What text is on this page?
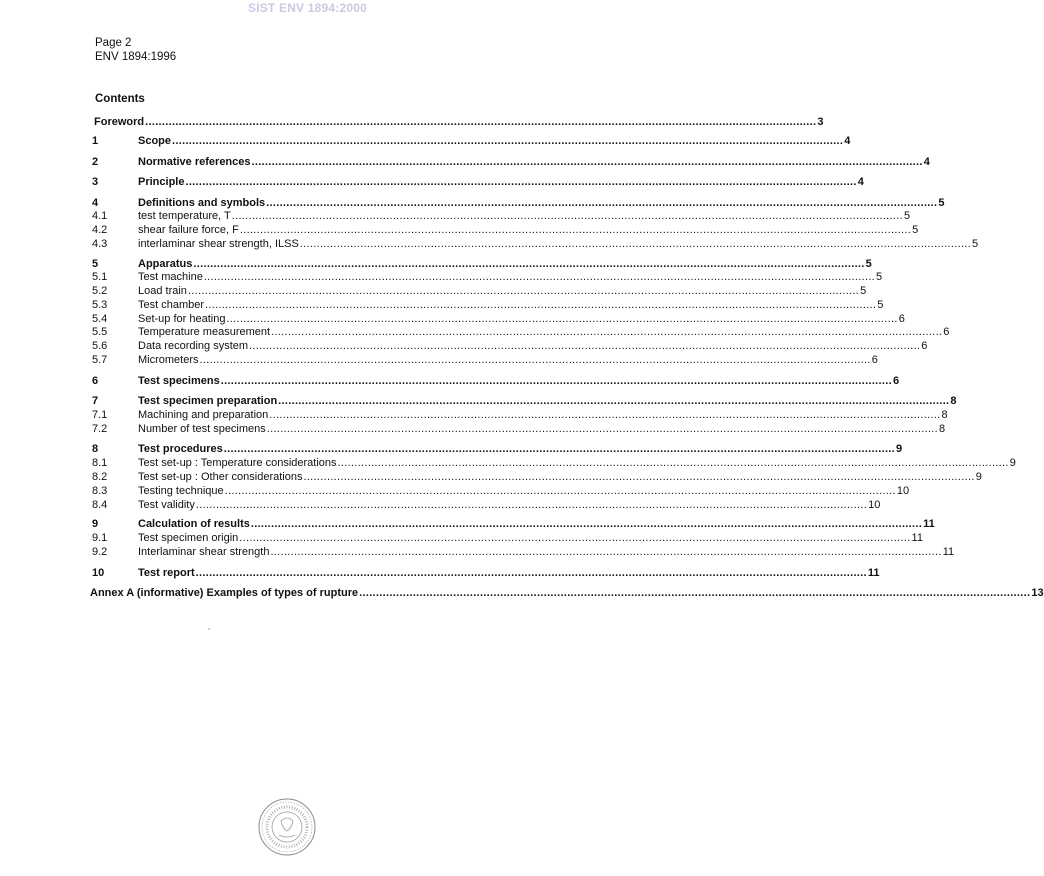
SIST ENV 1894:2000
Page 2
ENV 1894:1996
Contents
Foreword ........................................................................................................................................................................................................ 3
1	Scope ........................................................................................................................................................................................................ 4
2	Normative references ........................................................................................................................................................................................................ 4
3	Principle ........................................................................................................................................................................................................ 4
4	Definitions and symbols ........................................................................................................................................................................................................ 5
4.1	test temperature, T ........................................................................................................................................................................................................ 5
4.2	shear failure force, F ........................................................................................................................................................................................................ 5
4.3	interlaminar shear strength, ILSS ........................................................................................................................................................................................................ 5
5	Apparatus ........................................................................................................................................................................................................ 5
5.1	Test machine ........................................................................................................................................................................................................ 5
5.2	Load train ........................................................................................................................................................................................................ 5
5.3	Test chamber ........................................................................................................................................................................................................ 5
5.4	Set-up for heating ........................................................................................................................................................................................................ 6
5.5	Temperature measurement ........................................................................................................................................................................................................ 6
5.6	Data recording system ........................................................................................................................................................................................................ 6
5.7	Micrometers ........................................................................................................................................................................................................ 6
6	Test specimens ........................................................................................................................................................................................................ 6
7	Test specimen preparation ........................................................................................................................................................................................................ 8
7.1	Machining and preparation ........................................................................................................................................................................................................ 8
7.2	Number of test specimens ........................................................................................................................................................................................................ 8
8	Test procedures ........................................................................................................................................................................................................ 9
8.1	Test set-up : Temperature considerations ........................................................................................................................................................................................................ 9
8.2	Test set-up : Other considerations ........................................................................................................................................................................................................ 9
8.3	Testing technique ........................................................................................................................................................................................................ 10
8.4	Test validity ........................................................................................................................................................................................................ 10
9	Calculation of results ........................................................................................................................................................................................................ 11
9.1	Test specimen origin ........................................................................................................................................................................................................ 11
9.2	Interlaminar shear strength ........................................................................................................................................................................................................ 11
10	Test report ........................................................................................................................................................................................................ 11
Annex A (informative) Examples of types of rupture ........................................................................................................................................................................................................ 13
